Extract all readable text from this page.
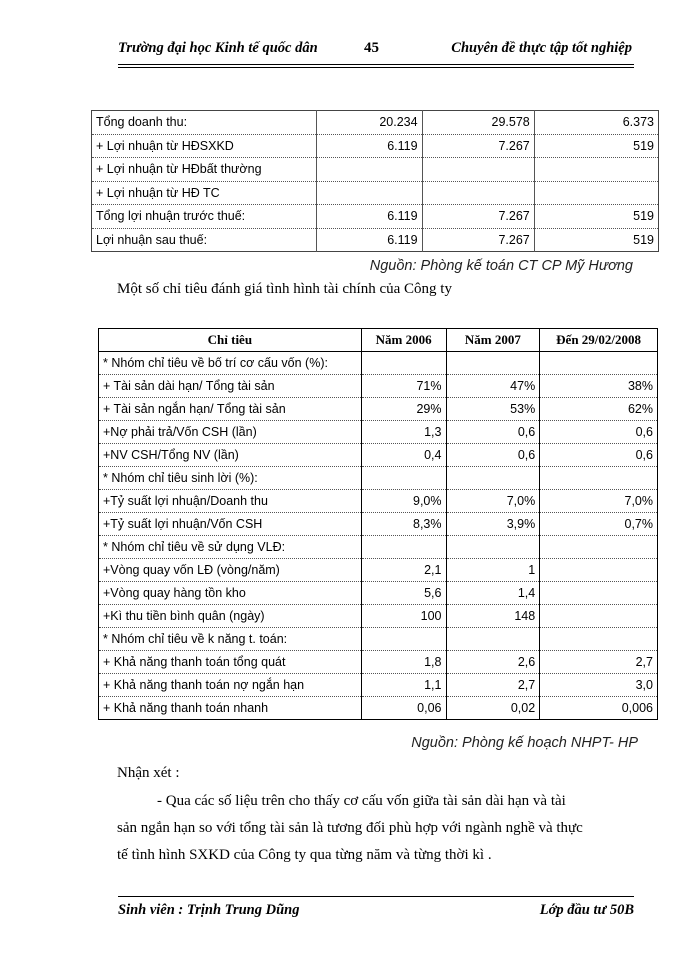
Trường đại học Kinh tế quốc dân	45	Chuyên đề thực tập tốt nghiệp
Tổng doanh thu:	20.234	29.578	6.373
+ Lợi nhuận từ HĐSXKD	6.119	7.267	519
+ Lợi nhuận từ HĐbất thường			
+ Lợi nhuận từ HĐ TC			
Tổng lợi nhuận trước thuế:	6.119	7.267	519
Lợi nhuận sau thuế:	6.119	7.267	519
Nguồn: Phòng kế toán CT CP Mỹ Hương
Một số chỉ tiêu đánh giá tình hình tài chính của Công ty
Chỉ tiêu	Năm 2006	Năm 2007	Đến 29/02/2008
* Nhóm chỉ tiêu về bố trí cơ cấu vốn (%):			
+ Tài sản dài hạn/ Tổng tài sản	71%	47%	38%
+ Tài sản ngắn hạn/ Tổng tài sản	29%	53%	62%
+Nợ phải trả/Vốn CSH (lần)	1,3	0,6	0,6
+NV CSH/Tổng NV (lần)	0,4	0,6	0,6
* Nhóm chỉ tiêu sinh lời (%):			
+Tỷ suất lợi nhuận/Doanh thu	9,0%	7,0%	7,0%
+Tỷ suất lợi nhuận/Vốn CSH	8,3%	3,9%	0,7%
* Nhóm chỉ tiêu về sử dụng VLĐ:			
+Vòng quay vốn LĐ (vòng/năm)	2,1	1	
+Vòng quay hàng tồn kho	5,6	1,4	
+Kì thu tiền bình quân (ngày)	100	148	
* Nhóm chỉ tiêu về k năng t. toán:			
+ Khả năng thanh toán tổng quát	1,8	2,6	2,7
+ Khả năng thanh toán nợ ngắn hạn	1,1	2,7	3,0
+ Khả năng thanh toán nhanh	0,06	0,02	0,006
Nguồn: Phòng kế hoạch NHPT- HP
Nhận xét :
- Qua các số liệu trên cho thấy cơ cấu vốn giữa tài sản dài hạn và tài
sản ngắn hạn so với tổng tài sản là tương đối phù hợp với ngành nghề và thực
tế tình hình SXKD của Công ty qua từng năm và từng thời kì .
Sinh viên : Trịnh Trung Dũng	Lớp đầu tư 50B
